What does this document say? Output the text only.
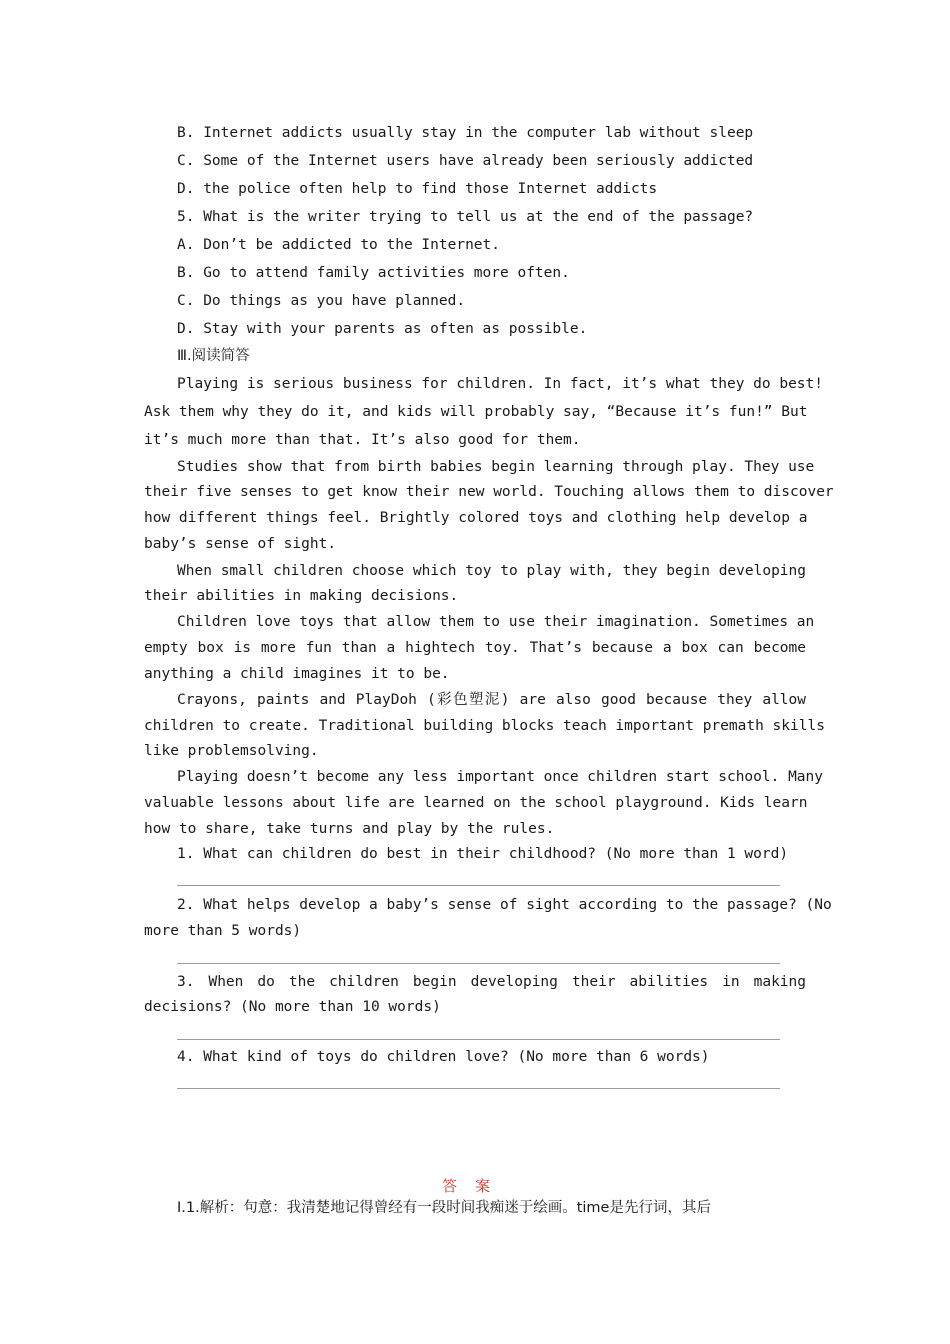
B. Internet addicts usually stay in the computer lab without sleep
C. Some of the Internet users have already been seriously addicted
D. the police often help to find those Internet addicts
5. What is the writer trying to tell us at the end of the passage?
A. Don’t be addicted to the Internet.
B. Go to attend family activities more often.
C. Do things as you have planned.
D. Stay with your parents as often as possible.
Ⅲ.阅读简答
Playing is serious business for children. In fact, it’s what they do best!
Ask them why they do it, and kids will probably say, “Because it’s fun!” But
it’s much more than that. It’s also good for them.
Studies show that from birth babies begin learning through play. They use
their five senses to get know their new world. Touching allows them to discover
how different things feel. Brightly colored toys and clothing help develop a
baby’s sense of sight.
When small children choose which toy to play with, they begin developing
their abilities in making decisions.
Children love toys that allow them to use their imagination. Sometimes an
empty box is more fun than a hightech toy. That’s because a box can become
anything a child imagines it to be.
Crayons, paints and PlayDoh (彩色塑泥) are also good because they allow
children to create. Traditional building blocks teach important premath skills
like problemsolving.
Playing doesn’t become any less important once children start school. Many
valuable lessons about life are learned on the school playground. Kids learn
how to share, take turns and play by the rules.
1. What can children do best in their childhood? (No more than 1 word)
2. What helps develop a baby’s sense of sight according to the passage? (No
more than 5 words)
3. When do the children begin developing their abilities in making
decisions? (No more than 10 words)
4. What kind of toys do children love? (No more than 6 words)
答案
Ⅰ.1.解析：句意：我清楚地记得曾经有一段时间我痴迷于绘画。time是先行词，其后
